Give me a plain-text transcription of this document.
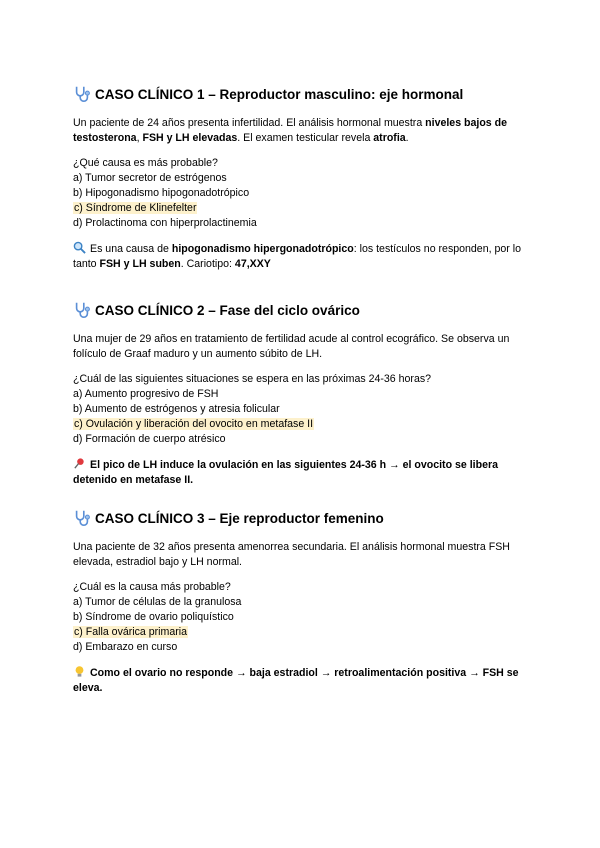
CASO CLÍNICO 1 – Reproductor masculino: eje hormonal

Un paciente de 24 años presenta infertilidad. El análisis hormonal muestra niveles bajos de testosterona, FSH y LH elevadas. El examen testicular revela atrofia.

¿Qué causa es más probable?

a) Tumor secretor de estrógenos

b) Hipogonadismo hipogonadotrópico

c) Síndrome de Klinefelter

d) Prolactinoma con hiperprolactinemia

Es una causa de hipogonadismo hipergonadotrópico: los testículos no responden, por lo tanto FSH y LH suben. Cariotipo: 47,XXY

CASO CLÍNICO 2 – Fase del ciclo ovárico

Una mujer de 29 años en tratamiento de fertilidad acude al control ecográfico. Se observa un folículo de Graaf maduro y un aumento súbito de LH.

¿Cuál de las siguientes situaciones se espera en las próximas 24-36 horas?

a) Aumento progresivo de FSH

b) Aumento de estrógenos y atresia folicular

c) Ovulación y liberación del ovocito en metafase II

d) Formación de cuerpo atrésico

El pico de LH induce la ovulación en las siguientes 24-36 h → el ovocito se libera detenido en metafase II.

CASO CLÍNICO 3 – Eje reproductor femenino

Una paciente de 32 años presenta amenorrea secundaria. El análisis hormonal muestra FSH elevada, estradiol bajo y LH normal.

¿Cuál es la causa más probable?

a) Tumor de células de la granulosa

b) Síndrome de ovario poliquístico

c) Falla ovárica primaria

d) Embarazo en curso

Como el ovario no responde → baja estradiol → retroalimentación positiva → FSH se eleva.
